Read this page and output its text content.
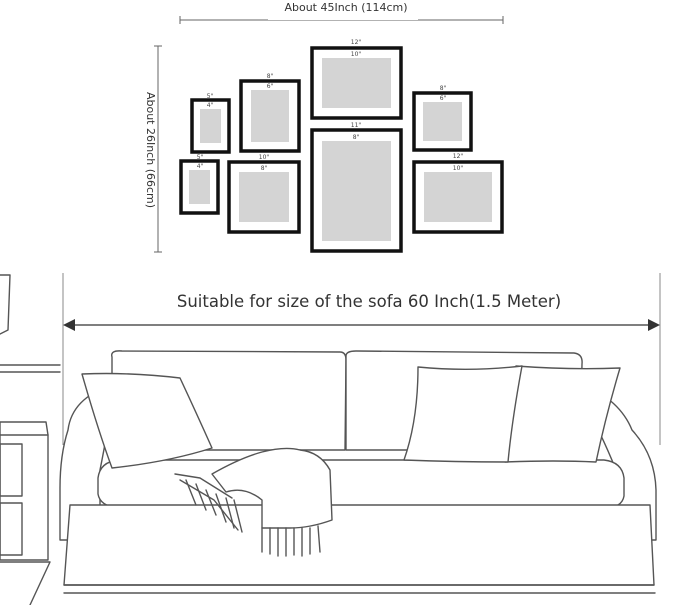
About 45Inch (114cm)
About 26Inch (66cm)	5"
4"
5"
4"
8"
6"
10"
8"
12"
10"
11"
8"
8"
6"
12"
10"
Suitable for size of the sofa 60 Inch(1.5 Meter)
